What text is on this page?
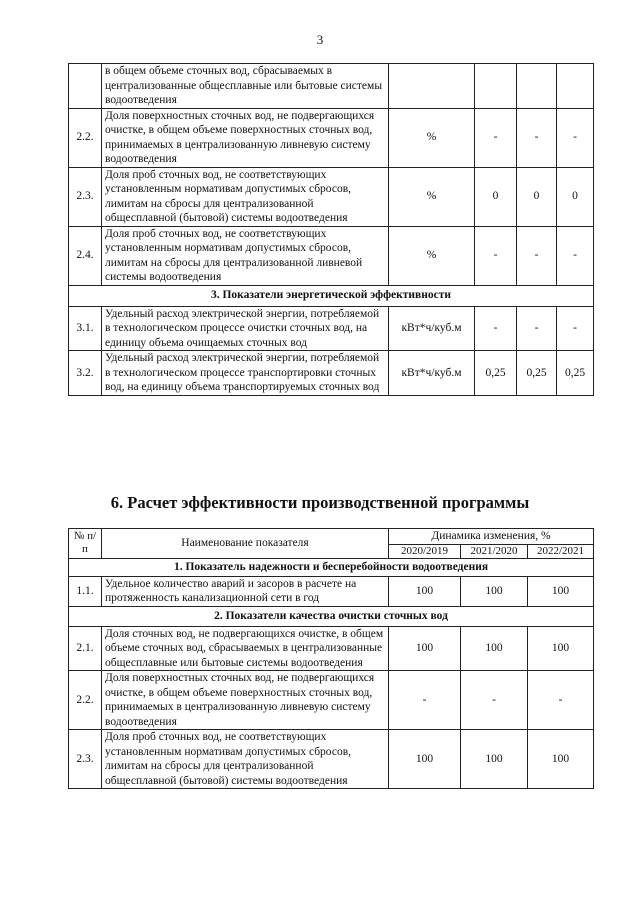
3
	в общем объеме сточных вод, сбрасываемых в централизованные общесплавные или бытовые системы водоотведения				
2.2.	Доля поверхностных сточных вод, не подвергающихся очистке, в общем объеме поверхностных сточных вод, принимаемых в централизованную ливневую систему водоотведения	%	-	-	-
2.3.	Доля проб сточных вод, не соответствующих установленным нормативам допустимых сбросов, лимитам на сбросы для централизованной общесплавной (бытовой) системы водоотведения	%	0	0	0
2.4.	Доля проб сточных вод, не соответствующих установленным нормативам допустимых сбросов, лимитам на сбросы для централизованной ливневой системы водоотведения	%	-	-	-
3. Показатели энергетической эффективности					
3.1.	Удельный расход электрической энергии, потребляемой в технологическом процессе очистки сточных вод, на единицу объема очищаемых сточных вод	кВт*ч/куб.м	-	-	-
3.2.	Удельный расход электрической энергии, потребляемой в технологическом процессе транспортировки сточных вод, на единицу объема транспортируемых сточных вод	кВт*ч/куб.м	0,25	0,25	0,25
6. Расчет эффективности производственной программы
№ п/п	Наименование показателя	Динамика изменения, %		
		2020/2019	2021/2020	2022/2021
1. Показатель надежности и бесперебойности водоотведения				
1.1.	Удельное количество аварий и засоров в расчете на протяженность канализационной сети в год	100	100	100
2. Показатели качества очистки сточных вод				
2.1.	Доля сточных вод, не подвергающихся очистке, в общем объеме сточных вод, сбрасываемых в централизованные общесплавные или бытовые системы водоотведения	100	100	100
2.2.	Доля поверхностных сточных вод, не подвергающихся очистке, в общем объеме поверхностных сточных вод, принимаемых в централизованную ливневую систему водоотведения	-	-	-
2.3.	Доля проб сточных вод, не соответствующих установленным нормативам допустимых сбросов, лимитам на сбросы для централизованной общесплавной (бытовой) системы водоотведения	100	100	100
